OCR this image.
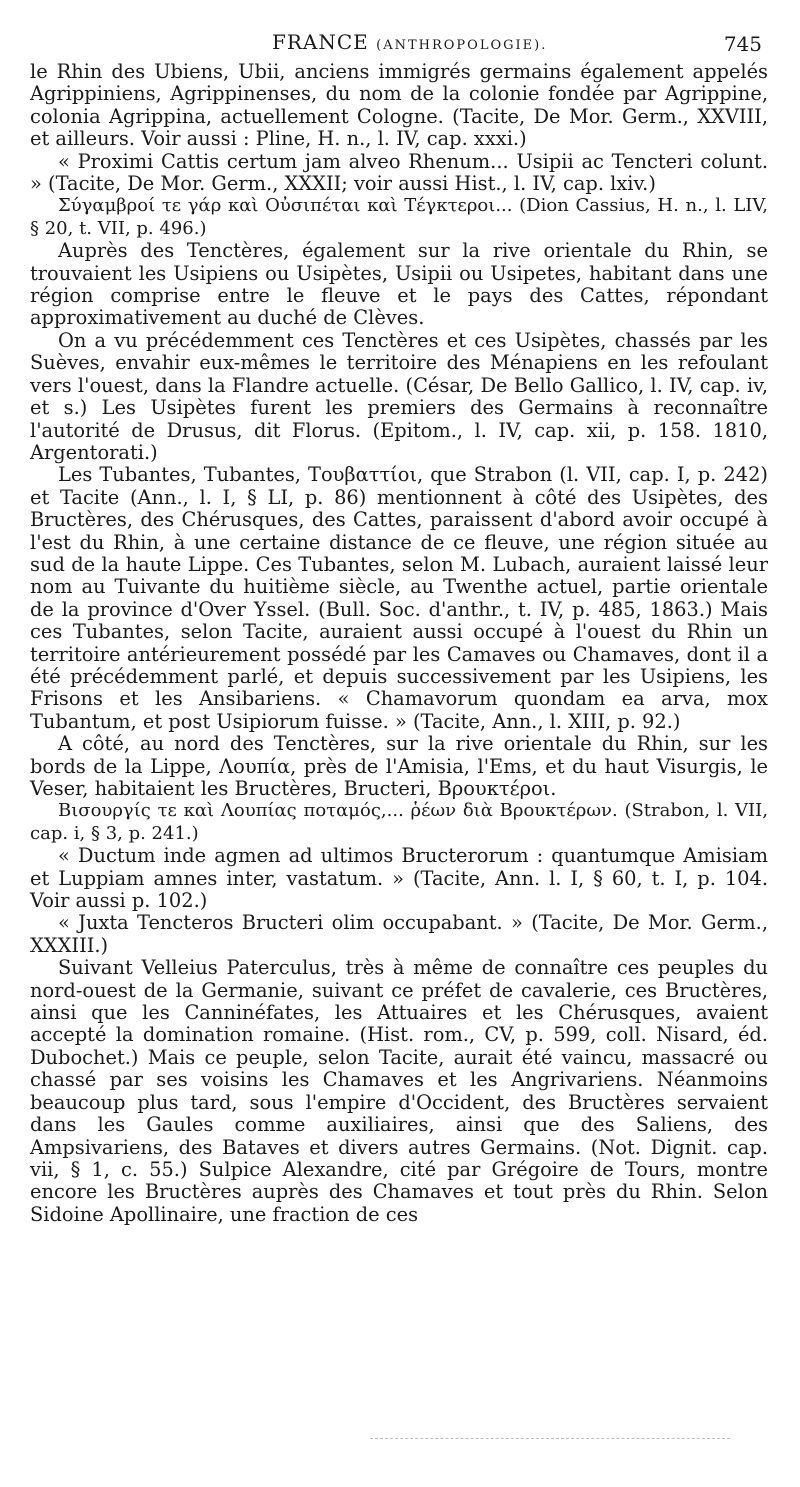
FRANCE (ANTHROPOLOGIE).	745

le Rhin des Ubiens, Ubii, anciens immigrés germains également appelés Agrippiniens, Agrippinenses, du nom de la colonie fondée par Agrippine, colonia Agrippina, actuellement Cologne. (Tacite, De Mor. Germ., XXVIII, et ailleurs. Voir aussi : Pline, H. n., l. IV, cap. xxxi.)

« Proximi Cattis certum jam alveo Rhenum... Usipii ac Tencteri colunt. » (Tacite, De Mor. Germ., XXXII; voir aussi Hist., l. IV, cap. lxiv.)

Σύγαμβροί τε γάρ καὶ Οὐσιπέται καὶ Τέγκτεροι... (Dion Cassius, H. n., l. LIV, § 20, t. VII, p. 496.)

Auprès des Tenctères, également sur la rive orientale du Rhin, se trouvaient les Usipiens ou Usipètes, Usipii ou Usipetes, habitant dans une région comprise entre le fleuve et le pays des Cattes, répondant approximativement au duché de Clèves.

On a vu précédemment ces Tenctères et ces Usipètes, chassés par les Suèves, envahir eux-mêmes le territoire des Ménapiens en les refoulant vers l'ouest, dans la Flandre actuelle. (César, De Bello Gallico, l. IV, cap. iv, et s.) Les Usipètes furent les premiers des Germains à reconnaître l'autorité de Drusus, dit Florus. (Epitom., l. IV, cap. xii, p. 158. 1810, Argentorati.)

Les Tubantes, Tubantes, Τουβαττίοι, que Strabon (l. VII, cap. I, p. 242) et Tacite (Ann., l. I, § LI, p. 86) mentionnent à côté des Usipètes, des Bructères, des Chérusques, des Cattes, paraissent d'abord avoir occupé à l'est du Rhin, à une certaine distance de ce fleuve, une région située au sud de la haute Lippe. Ces Tubantes, selon M. Lubach, auraient laissé leur nom au Tuivante du huitième siècle, au Twenthe actuel, partie orientale de la province d'Over Yssel. (Bull. Soc. d'anthr., t. IV, p. 485, 1863.) Mais ces Tubantes, selon Tacite, auraient aussi occupé à l'ouest du Rhin un territoire antérieurement possédé par les Camaves ou Chamaves, dont il a été précédemment parlé, et depuis successivement par les Usipiens, les Frisons et les Ansibariens. « Chamavorum quondam ea arva, mox Tubantum, et post Usipiorum fuisse. » (Tacite, Ann., l. XIII, p. 92.)

A côté, au nord des Tenctères, sur la rive orientale du Rhin, sur les bords de la Lippe, Λουπία, près de l'Amisia, l'Ems, et du haut Visurgis, le Veser, habitaient les Bructères, Bructeri, Βρουκτέροι.

Βισουργίς τε καὶ Λουπίας ποταμός,... ῥέων διὰ Βρουκτέρων. (Strabon, l. VII, cap. i, § 3, p. 241.)

« Ductum inde agmen ad ultimos Bructerorum : quantumque Amisiam et Luppiam amnes inter, vastatum. » (Tacite, Ann. l. I, § 60, t. I, p. 104. Voir aussi p. 102.)

« Juxta Tencteros Bructeri olim occupabant. » (Tacite, De Mor. Germ., XXXIII.)

Suivant Velleius Paterculus, très à même de connaître ces peuples du nord-ouest de la Germanie, suivant ce préfet de cavalerie, ces Bructères, ainsi que les Canninéfates, les Attuaires et les Chérusques, avaient accepté la domination romaine. (Hist. rom., CV, p. 599, coll. Nisard, éd. Dubochet.) Mais ce peuple, selon Tacite, aurait été vaincu, massacré ou chassé par ses voisins les Chamaves et les Angrivariens. Néanmoins beaucoup plus tard, sous l'empire d'Occident, des Bructères servaient dans les Gaules comme auxiliaires, ainsi que des Saliens, des Ampsivariens, des Bataves et divers autres Germains. (Not. Dignit. cap. vii, § 1, c. 55.) Sulpice Alexandre, cité par Grégoire de Tours, montre encore les Bructères auprès des Chamaves et tout près du Rhin. Selon Sidoine Apollinaire, une fraction de ces
